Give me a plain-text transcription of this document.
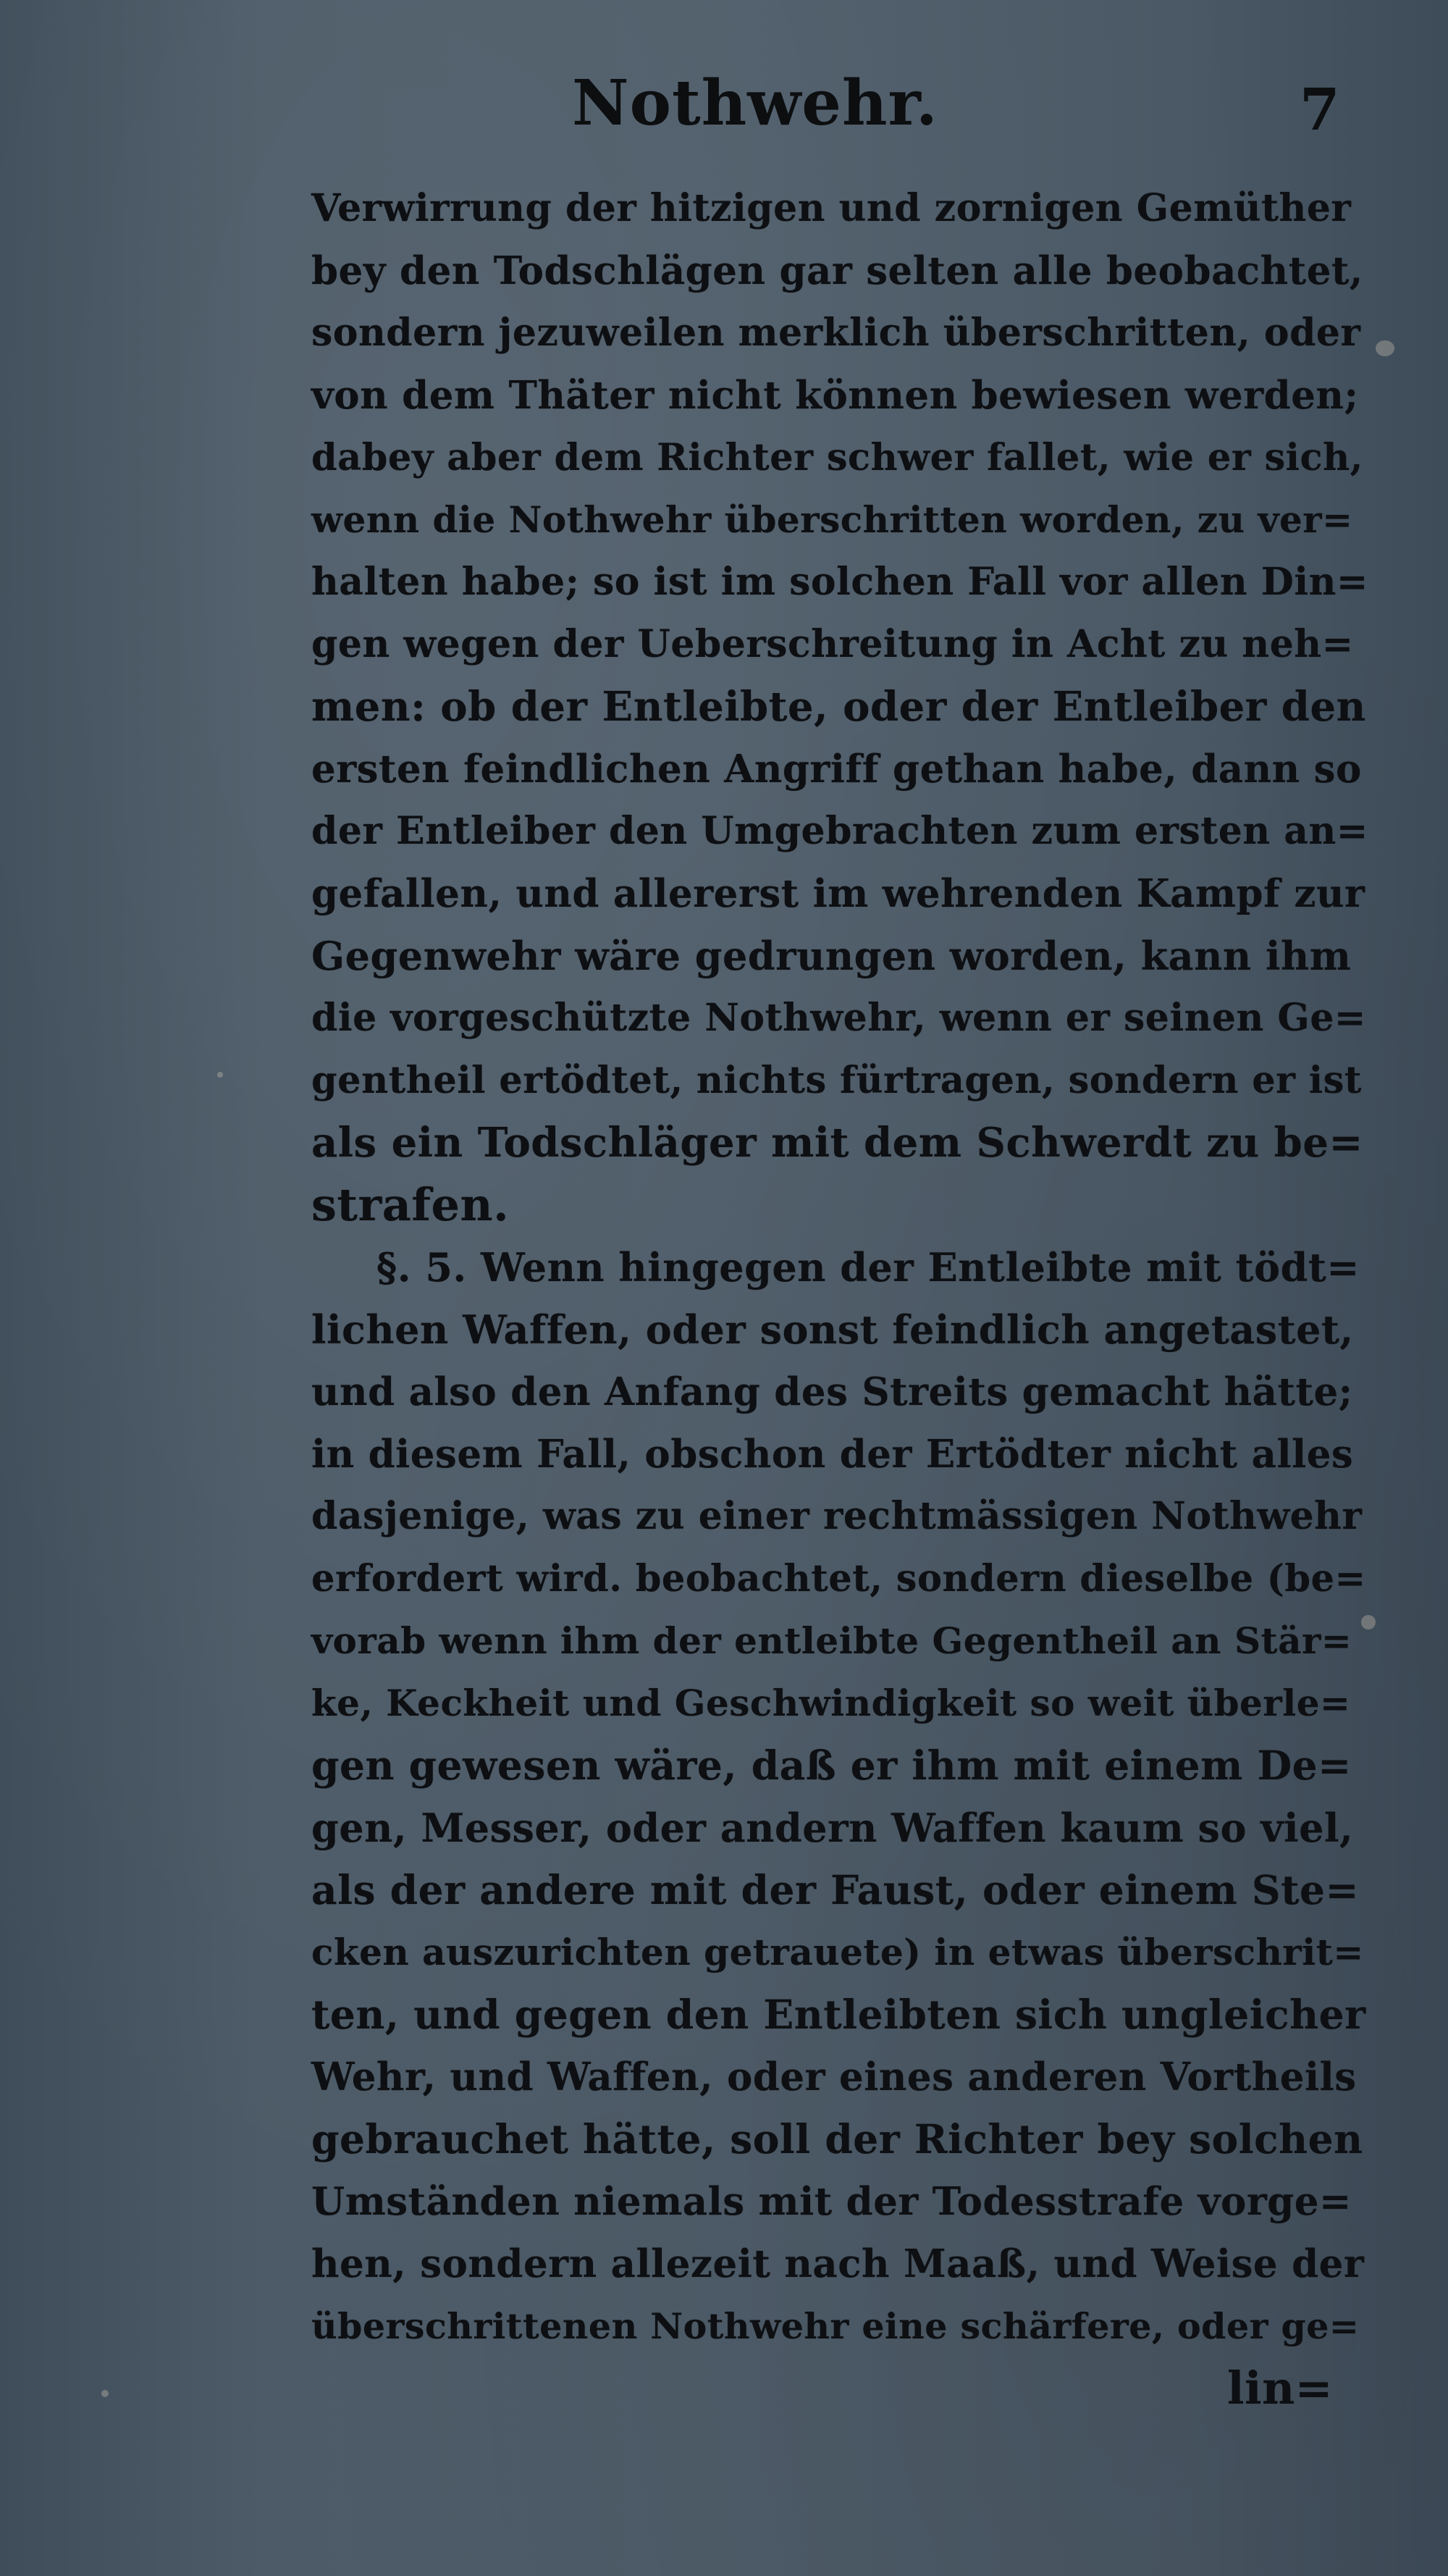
Nothwehr.	7
Verwirrung der hitzigen und zornigen Gemüther
bey den Todschlägen gar selten alle beobachtet,
sondern jezuweilen merklich überschritten, oder
von dem Thäter nicht können bewiesen werden;
dabey aber dem Richter schwer fallet, wie er sich,
wenn die Nothwehr überschritten worden, zu ver=
halten habe; so ist im solchen Fall vor allen Din=
gen wegen der Ueberschreitung in Acht zu neh=
men: ob der Entleibte, oder der Entleiber den
ersten feindlichen Angriff gethan habe, dann so
der Entleiber den Umgebrachten zum ersten an=
gefallen, und allererst im wehrenden Kampf zur
Gegenwehr wäre gedrungen worden, kann ihm
die vorgeschützte Nothwehr, wenn er seinen Ge=
gentheil ertödtet, nichts fürtragen, sondern er ist
als ein Todschläger mit dem Schwerdt zu be=
strafen.
§. 5. Wenn hingegen der Entleibte mit tödt=
lichen Waffen, oder sonst feindlich angetastet,
und also den Anfang des Streits gemacht hätte;
in diesem Fall, obschon der Ertödter nicht alles
dasjenige, was zu einer rechtmässigen Nothwehr
erfordert wird. beobachtet, sondern dieselbe (be=
vorab wenn ihm der entleibte Gegentheil an Stär=
ke, Keckheit und Geschwindigkeit so weit überle=
gen gewesen wäre, daß er ihm mit einem De=
gen, Messer, oder andern Waffen kaum so viel,
als der andere mit der Faust, oder einem Ste=
cken auszurichten getrauete) in etwas überschrit=
ten, und gegen den Entleibten sich ungleicher
Wehr, und Waffen, oder eines anderen Vortheils
gebrauchet hätte, soll der Richter bey solchen
Umständen niemals mit der Todesstrafe vorge=
hen, sondern allezeit nach Maaß, und Weise der
überschrittenen Nothwehr eine schärfere, oder ge=
lin=
